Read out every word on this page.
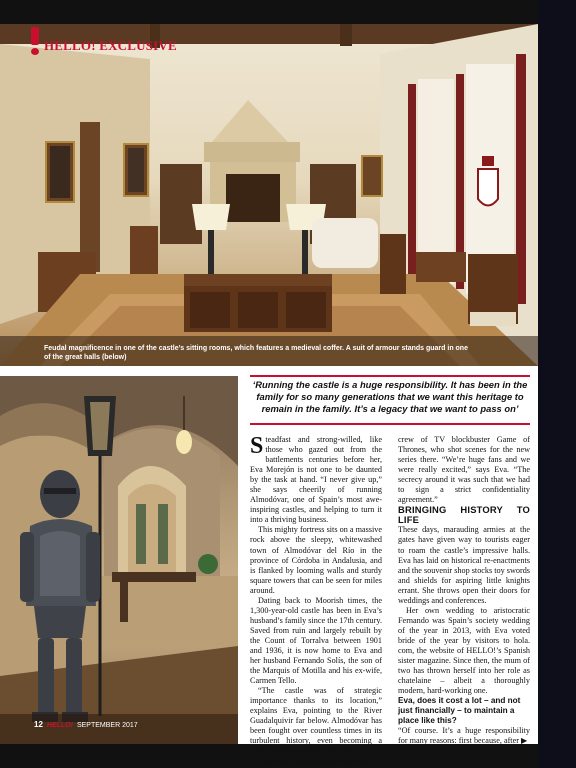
HELLO! EXCLUSIVE
Feudal magnificence in one of the castle’s sitting rooms, which features a medieval coffer. A suit of armour stands guard in one of the great halls (below)
12 HELLO! SEPTEMBER 2017
‘Running the castle is a huge responsibility. It has been in the family for so many generations that we want this heritage to remain in the family. It’s a legacy that we want to pass on’

Steadfast and strong-willed, like those who gazed out from the battlements centuries before her, Eva Morejón is not one to be daunted by the task at hand. “I never give up,” she says cheerily of running Almodóvar, one of Spain’s most awe-inspiring castles, and helping to turn it into a thriving business.

This mighty fortress sits on a massive rock above the sleepy, whitewashed town of Almodóvar del Río in the province of Córdoba in Andalusia, and is flanked by looming walls and sturdy square towers that can be seen for miles around.

Dating back to Moorish times, the 1,300-year-old castle has been in Eva’s husband’s family since the 17th century. Saved from ruin and largely rebuilt by the Count of Torralva between 1901 and 1936, it is now home to Eva and her husband Fernando Solís, the son of the Marquis of Motilla and his ex-wife, Carmen Tello.

“The castle was of strategic importance thanks to its location,” explains Eva, pointing to the River Guadalquivir far below. Almodóvar has been fought over countless times in its turbulent history, even becoming a royal residence in the 14th century.

It has also welcomed the cast and

crew of TV blockbuster Game of Thrones, who shot scenes for the new series there. “We’re huge fans and we were really excited,” says Eva. “The secrecy around it was such that we had to sign a strict confidentiality agreement.”

BRINGING HISTORY TO LIFE

These days, marauding armies at the gates have given way to tourists eager to roam the castle’s impressive halls. Eva has laid on historical re-enactments and the souvenir shop stocks toy swords and shields for aspiring little knights errant. She throws open their doors for weddings and conferences.

Her own wedding to aristocratic Fernando was Spain’s society wedding of the year in 2013, with Eva voted bride of the year by visitors to hola. com, the website of HELLO!’s Spanish sister magazine. Since then, the mum of two has thrown herself into her role as chatelaine – albeit a thoroughly modern, hard-working one.

Eva, does it cost a lot – and not just financially – to maintain a place like this?

“Of course. It’s a huge responsibility for many reasons: first because, after ▶
